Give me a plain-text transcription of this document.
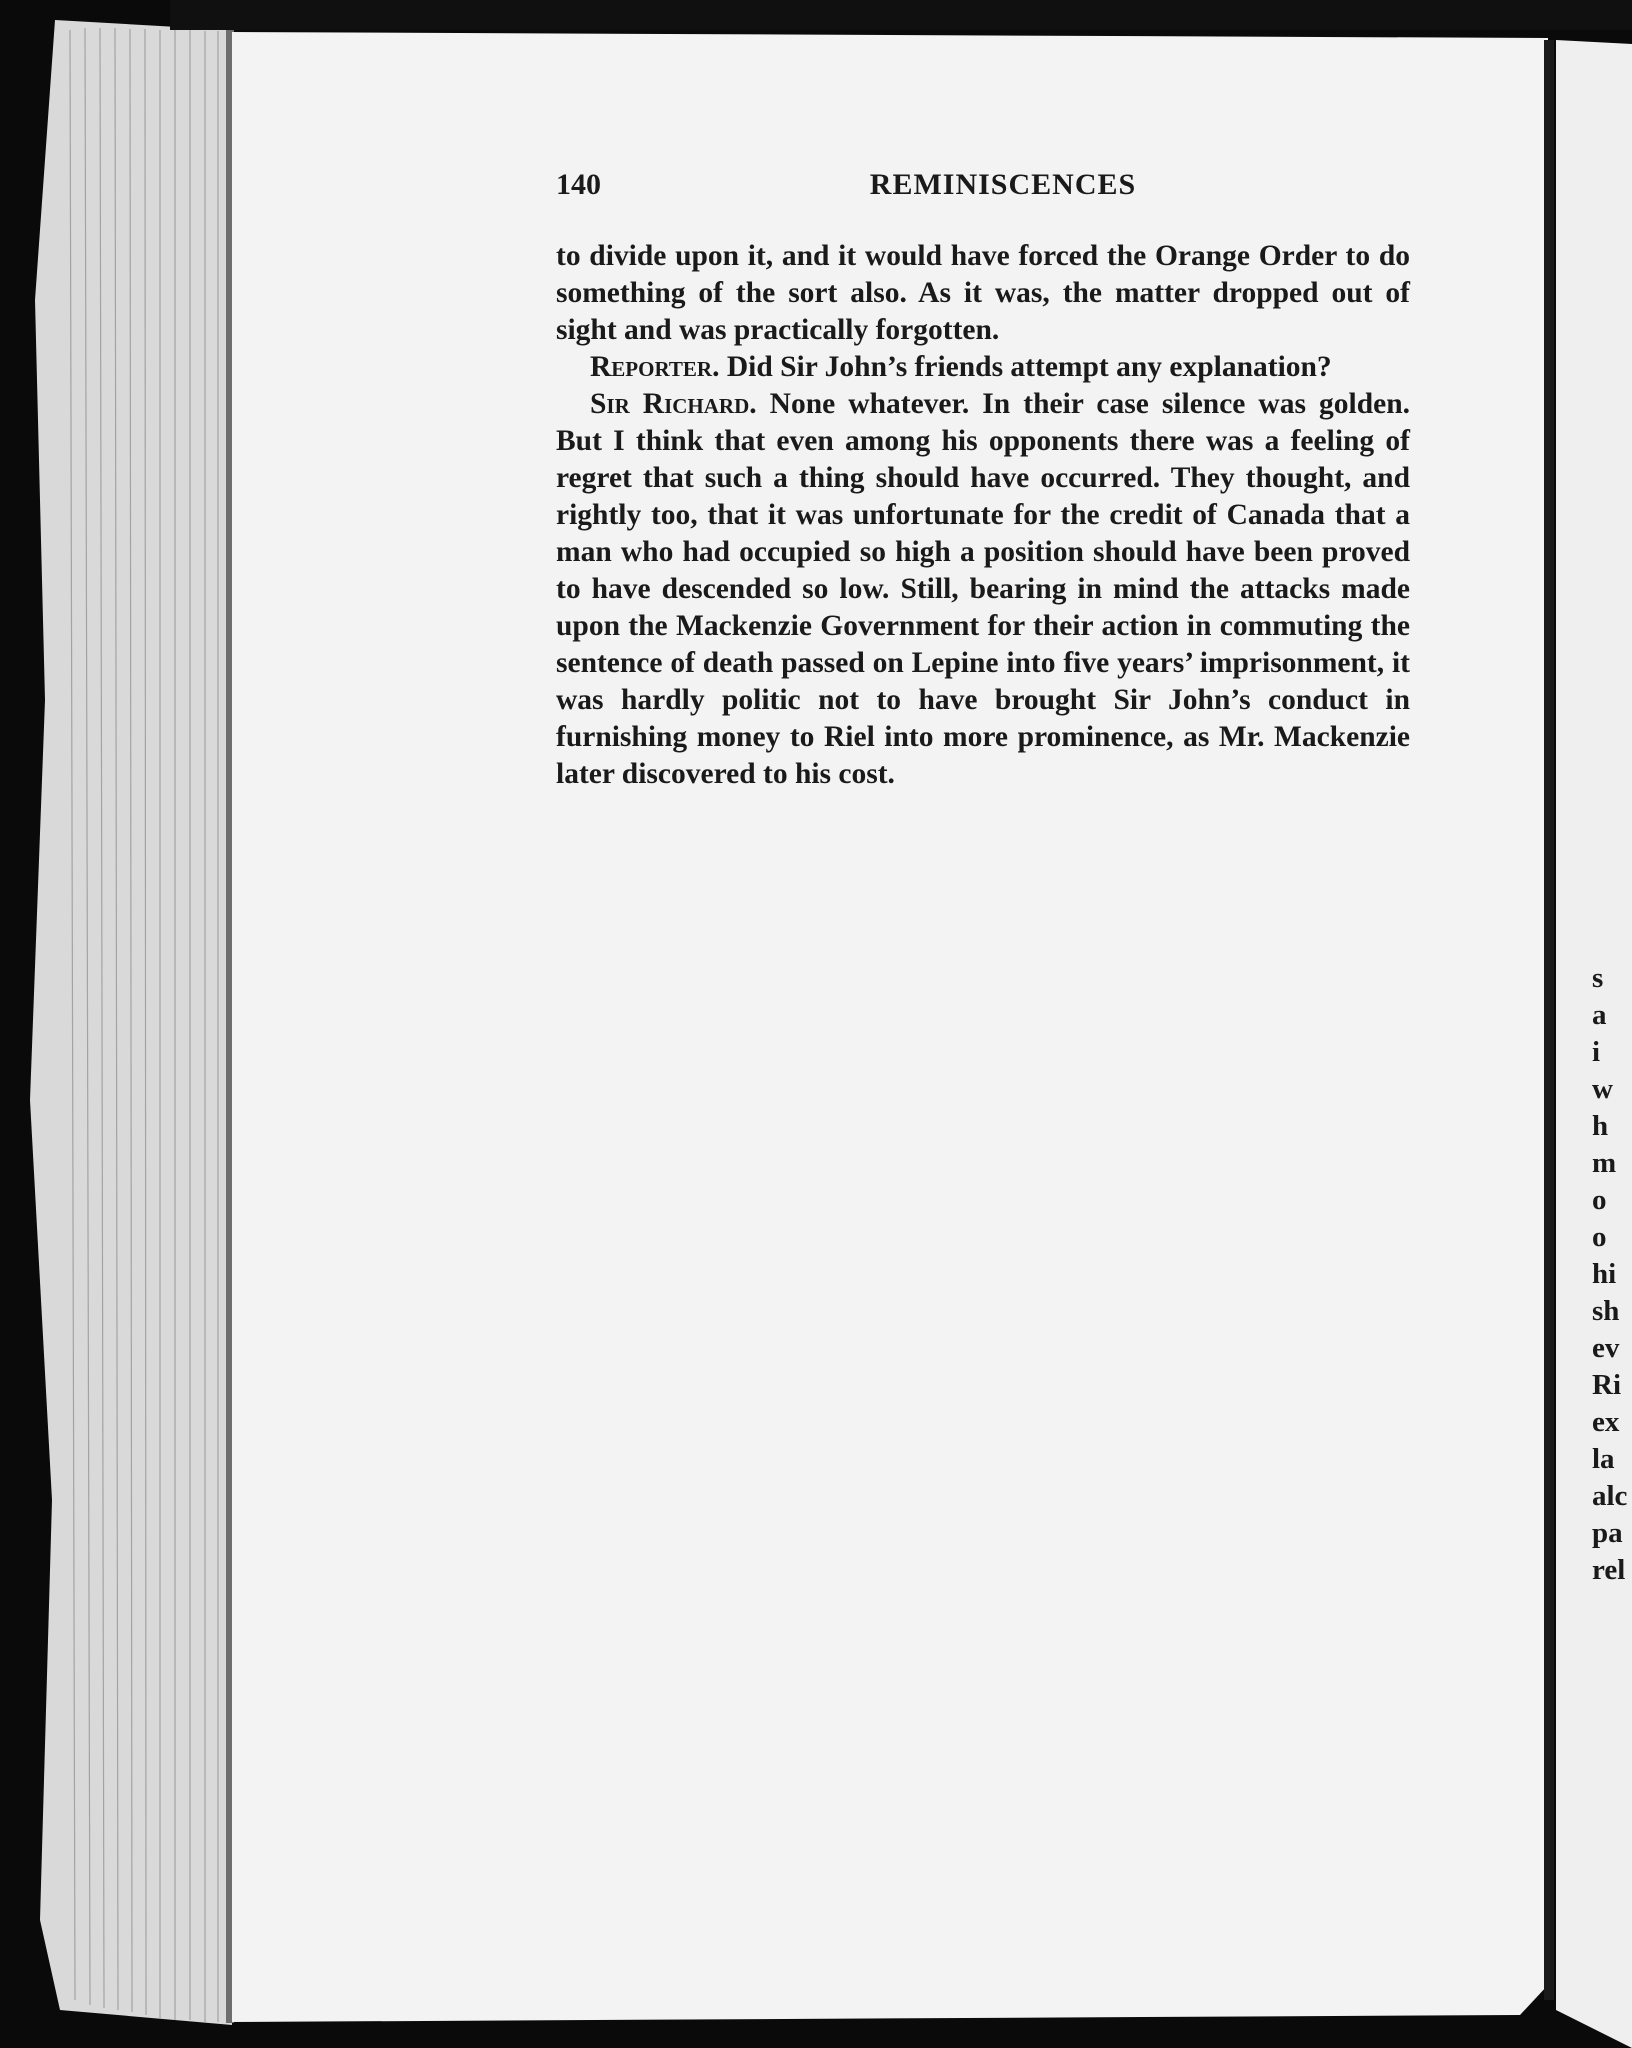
140	REMINISCENCES

to divide upon it, and it would have forced the Orange Order to do something of the sort also. As it was, the matter dropped out of sight and was practically forgotten.

Reporter. Did Sir John’s friends attempt any explanation?

Sir Richard. None whatever. In their case silence was golden. But I think that even among his opponents there was a feeling of regret that such a thing should have occurred. They thought, and rightly too, that it was unfortunate for the credit of Canada that a man who had occupied so high a position should have been proved to have descended so low. Still, bearing in mind the attacks made upon the Mackenzie Government for their action in commuting the sentence of death passed on Lepine into five years’ imprisonment, it was hardly politic not to have brought Sir John’s conduct in furnishing money to Riel into more prominence, as Mr. Mackenzie later discovered to his cost.

s
a
i
w
h
m
o
o
hi
sh
ev
Ri
ex
la
alc
pa
rel
